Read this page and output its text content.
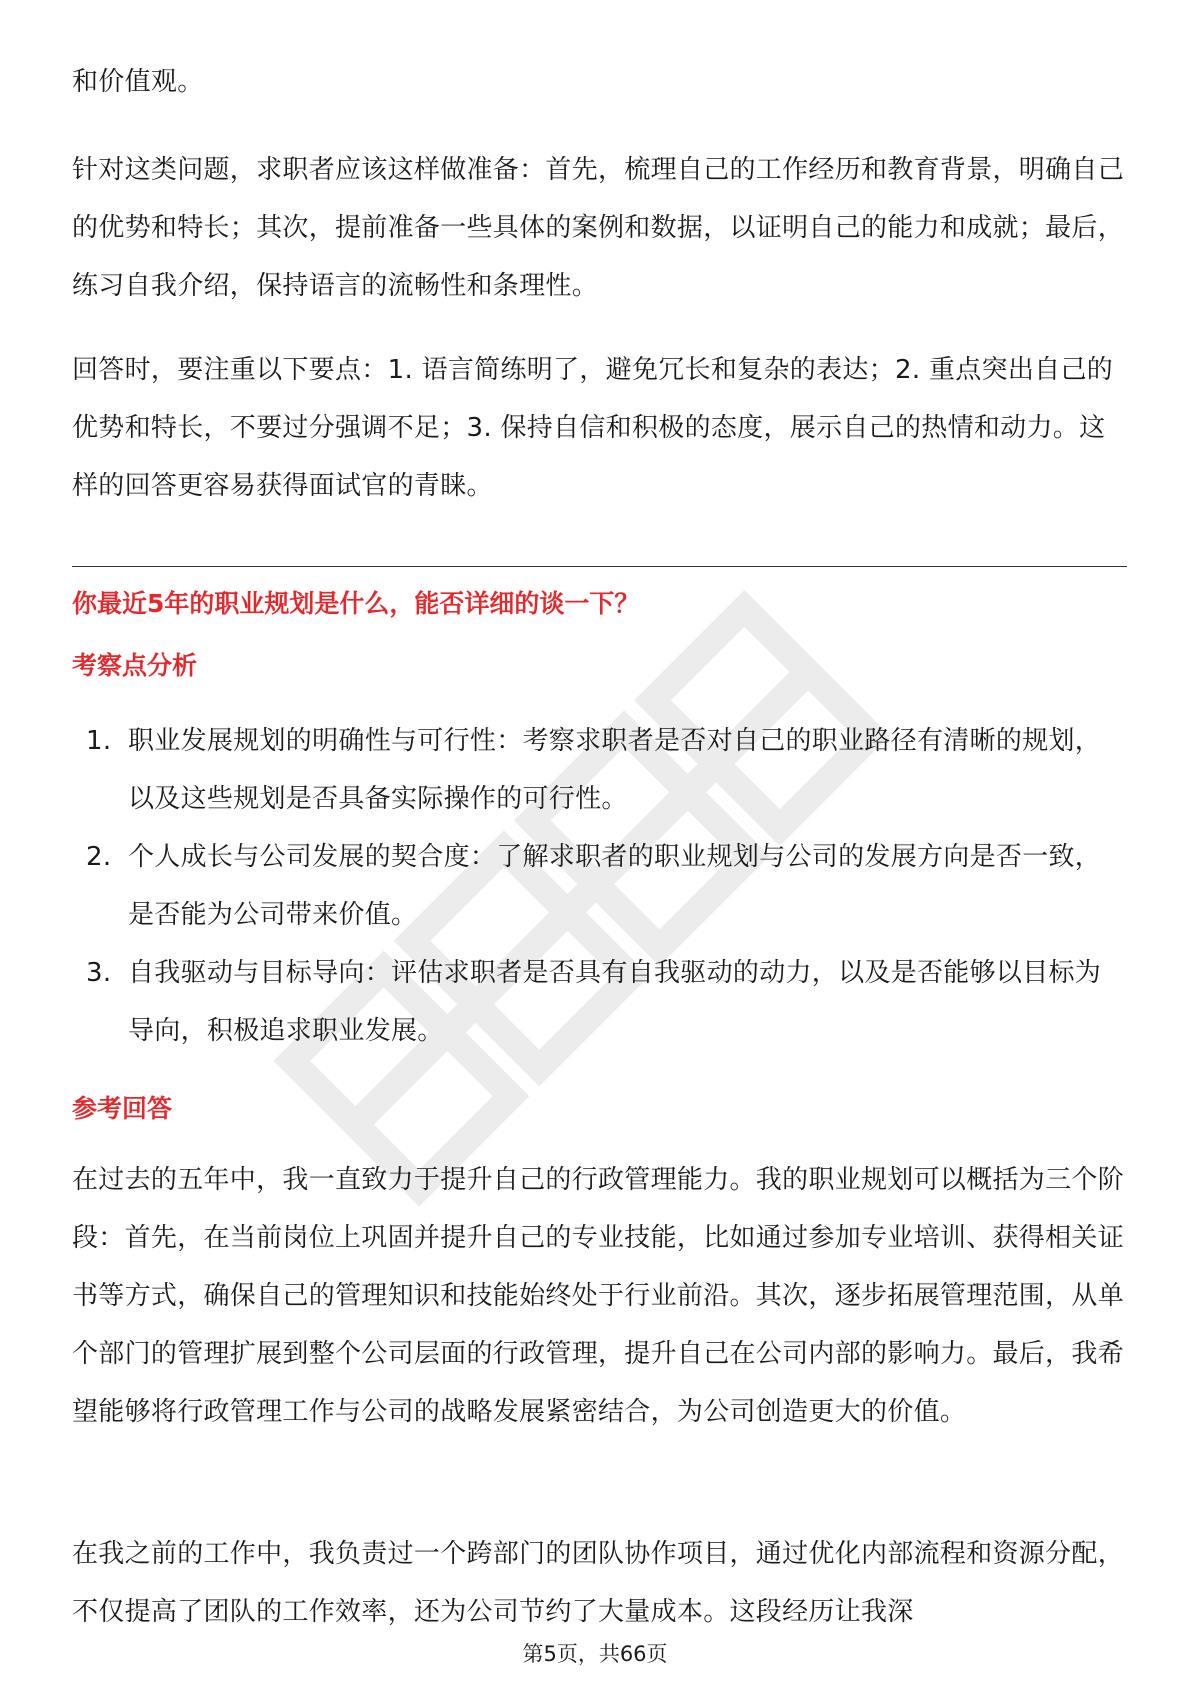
和价值观。

针对这类问题，求职者应该这样做准备：首先，梳理自己的工作经历和教育背景，明确自己的优势和特长；其次，提前准备一些具体的案例和数据，以证明自己的能力和成就；最后，练习自我介绍，保持语言的流畅性和条理性。

回答时，要注重以下要点：1. 语言简练明了，避免冗长和复杂的表达；2. 重点突出自己的优势和特长，不要过分强调不足；3. 保持自信和积极的态度，展示自己的热情和动力。这样的回答更容易获得面试官的青睐。

你最近5年的职业规划是什么，能否详细的谈一下？
考察点分析
1. 职业发展规划的明确性与可行性：考察求职者是否对自己的职业路径有清晰的规划，以及这些规划是否具备实际操作的可行性。
2. 个人成长与公司发展的契合度：了解求职者的职业规划与公司的发展方向是否一致，是否能为公司带来价值。
3. 自我驱动与目标导向：评估求职者是否具有自我驱动的动力，以及是否能够以目标为导向，积极追求职业发展。
参考回答

在过去的五年中，我一直致力于提升自己的行政管理能力。我的职业规划可以概括为三个阶段：首先，在当前岗位上巩固并提升自己的专业技能，比如通过参加专业培训、获得相关证书等方式，确保自己的管理知识和技能始终处于行业前沿。其次，逐步拓展管理范围，从单个部门的管理扩展到整个公司层面的行政管理，提升自己在公司内部的影响力。最后，我希望能够将行政管理工作与公司的战略发展紧密结合，为公司创造更大的价值。

在我之前的工作中，我负责过一个跨部门的团队协作项目，通过优化内部流程和资源分配，不仅提高了团队的工作效率，还为公司节约了大量成本。这段经历让我深

第5页，共66页
